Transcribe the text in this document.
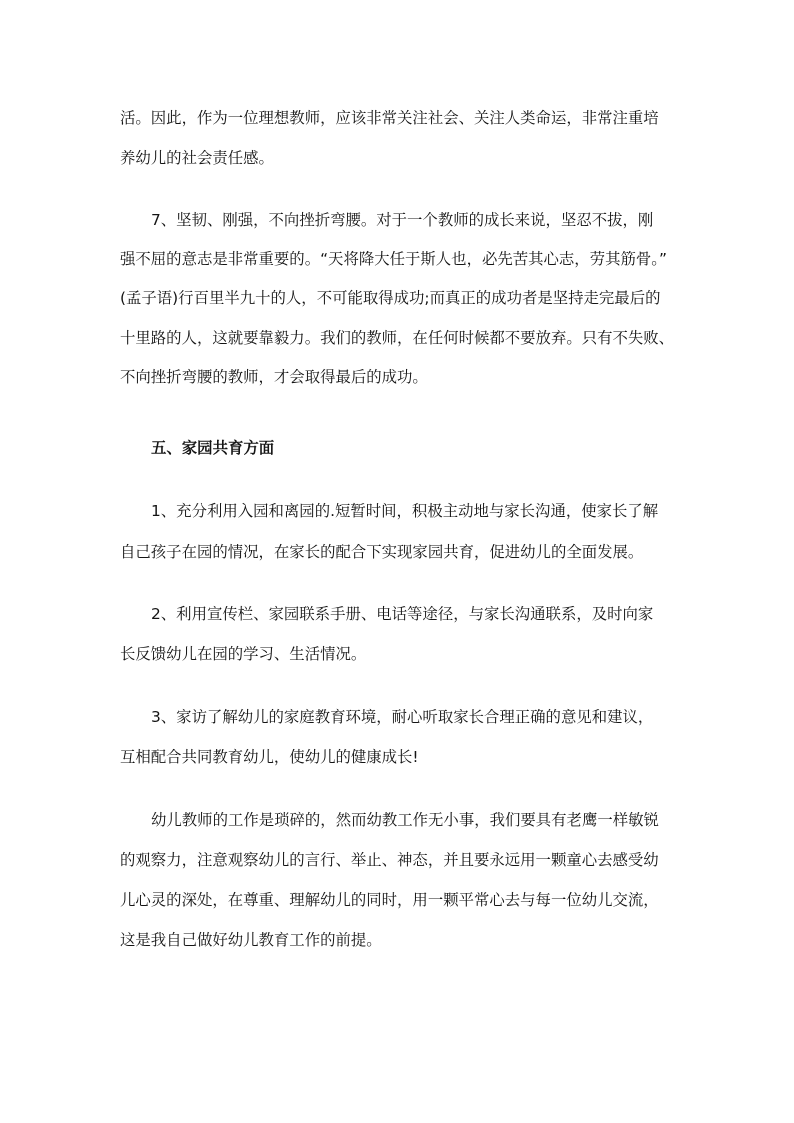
活。因此，作为一位理想教师，应该非常关注社会、关注人类命运，非常注重培

养幼儿的社会责任感。

7、坚韧、刚强，不向挫折弯腰。对于一个教师的成长来说，坚忍不拔，刚

强不屈的意志是非常重要的。“天将降大任于斯人也，必先苦其心志，劳其筋骨。”

(孟子语)行百里半九十的人，不可能取得成功;而真正的成功者是坚持走完最后的

十里路的人，这就要靠毅力。我们的教师，在任何时候都不要放弃。只有不失败、

不向挫折弯腰的教师，才会取得最后的成功。

五、家园共育方面

1、充分利用入园和离园的.短暂时间，积极主动地与家长沟通，使家长了解

自己孩子在园的情况，在家长的配合下实现家园共育，促进幼儿的全面发展。

2、利用宣传栏、家园联系手册、电话等途径，与家长沟通联系，及时向家

长反馈幼儿在园的学习、生活情况。

3、家访了解幼儿的家庭教育环境，耐心听取家长合理正确的意见和建议，

互相配合共同教育幼儿，使幼儿的健康成长!

幼儿教师的工作是琐碎的，然而幼教工作无小事，我们要具有老鹰一样敏锐

的观察力，注意观察幼儿的言行、举止、神态，并且要永远用一颗童心去感受幼

儿心灵的深处，在尊重、理解幼儿的同时，用一颗平常心去与每一位幼儿交流，

这是我自己做好幼儿教育工作的前提。
